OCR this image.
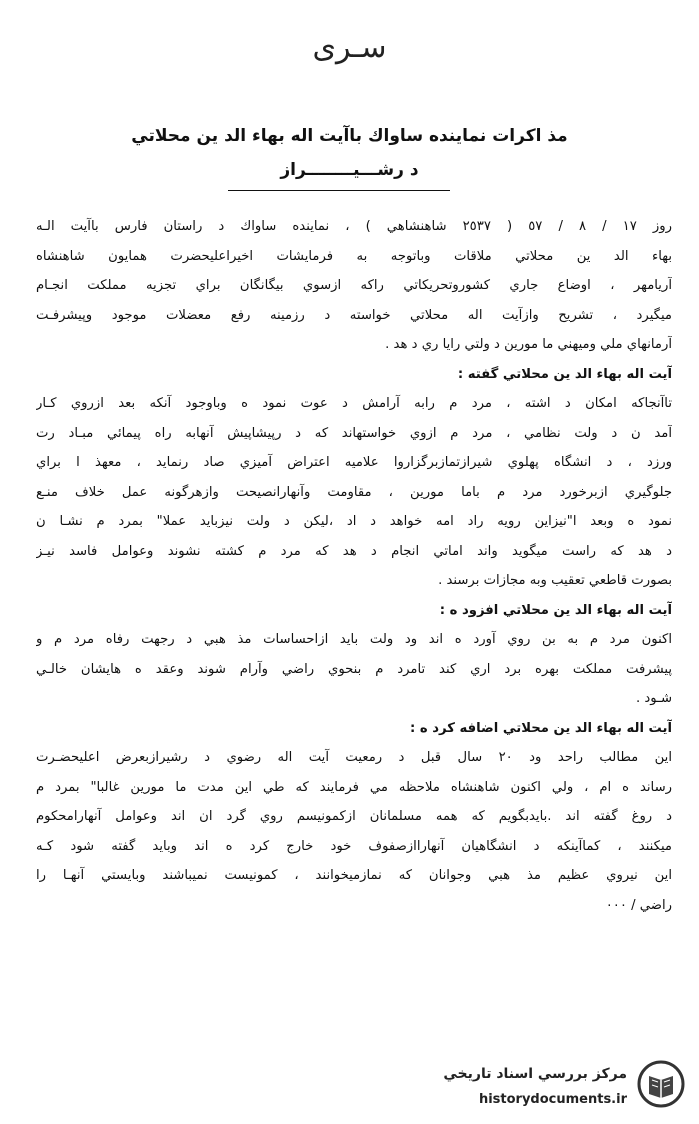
سـرى
مذ اكرات نماينده ساواك باآيت اله بهاء الد ين محلاتي
د رشـــيــــــــراز
روز ١٧ / ٨ / ٥٧ ( ٢٥٣٧ شاهنشاهي ) ، نماينده ساواك د راستان فارس باآيت الـه
بهاء الد ين محلاتي ملاقات وباتوجه به فرمايشات اخيراعليحضرت همايون شاهنشاه
آريامهر ، اوضاع جاري كشوروتحريكاتي راكه ازسوي بيگانگان براي تجزيه مملكت انجـام
ميگيرد ، تشريح وازآيت اله محلاتي خواسته د رزمينه رفع معضلات موجود وپيشرفـت
آرمانهاي ملي وميهني ما مورين د ولتي رايا ري د هد .
آيت اله بهاء الد ين محلاتي گفته :
تاآنجاكه امكان د اشته ، مرد م رابه آرامش د عوت نمود ه وباوجود آنكه بعد ازروي كـار
آمد ن د ولت نظامي ، مرد م ازوي خواستهاند كه د رپيشاپيش آنهابه راه پيمائي مبـاد رت
ورزد ، د انشگاه پهلوي شيرازتمازبرگزاروا علاميه اعتراض آميزي صاد رنمايد ، معهذ ا براي
جلوگيري ازبرخورد مرد م باما مورين ، مقاومت وآنهارانصيحت وازهرگونه عمل خلاف منـع
نمود ه وبعد ا"نيزاين رويه راد امه خواهد د اد ،ليكن د ولت نيزبايد عملا" بمرد م نشـا ن
د هد كه راست ميگويد واند اماتي انجام د هد كه مرد م كشته نشوند وعوامل فاسد نيـز
بصورت قاطعي تعقيب وبه مجازات برسند .
آيت اله بهاء الد ين محلاتي افزود ه :
اكنون مرد م به بن روي آورد ه اند ود ولت بايد ازاحساسات مذ هبي د رجهت رفاه مرد م و
پيشرفت مملكت بهره برد اري كند تامرد م بنحوي راضي وآرام شوند وعقد ه هايشان خالـي
شـود .
آيت اله بهاء الد ين محلاتي اضافه كرد ه :
اين مطالب راحد ود ٢٠ سال قبل د رمعيت آيت اله رضوي د رشيرازبعرض اعليحضـرت
رساند ه ام ، ولي اكنون شاهنشاه ملاحظه مي فرمايند كه طي اين مدت ما مورين غالبا" بمرد م
د روغ گفته اند .بايدبگويم كه همه مسلمانان ازكمونيسم روي گرد ان اند وعوامل آنهارامحكوم
ميكنند ، كماآينكه د انشگاهيان آنهاراازصفوف خود خارج كرد ه اند وبايد گفته شود كـه
اين نيروي عظيم مذ هبي وجوانان كه نمازميخوانند ، كمونيست نميباشند وبايستي آنهـا را
راضي / ٠٠٠
مركز بررسي اسناد تاريخي
historydocuments.ir
